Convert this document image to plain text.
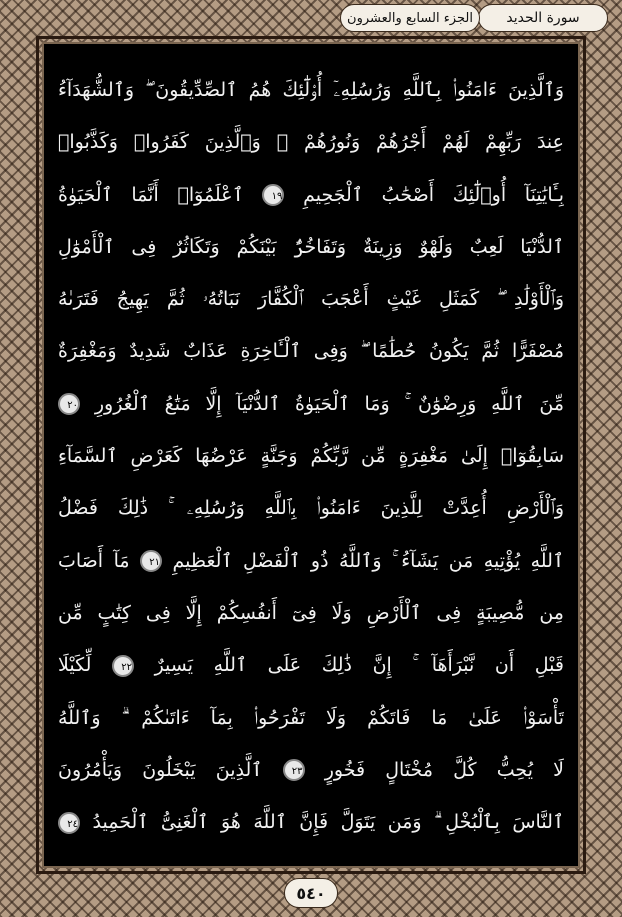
سورة الحديد
الجزء السابع والعشرون
وَٱلَّذِينَ ءَامَنُوا۟ بِٱللَّهِ وَرُسُلِهِۦٓ أُو۟لَٰٓئِكَ هُمُ ٱلصِّدِّيقُونَ ۖ وَٱلشُّهَدَآءُ
عِندَ رَبِّهِمْ لَهُمْ أَجْرُهُمْ وَنُورُهُمْ ۖ وَٱلَّذِينَ كَفَرُوا۟ وَكَذَّبُوا۟
بِـَٔايَٰتِنَآ أُو۟لَٰٓئِكَ أَصْحَٰبُ ٱلْجَحِيمِ ١٩ ٱعْلَمُوٓا۟ أَنَّمَا ٱلْحَيَوٰةُ
ٱلدُّنْيَا لَعِبٌ وَلَهْوٌ وَزِينَةٌ وَتَفَاخُرٌۢ بَيْنَكُمْ وَتَكَاثُرٌ فِى ٱلْأَمْوَٰلِ
وَٱلْأَوْلَٰدِ ۖ كَمَثَلِ غَيْثٍ أَعْجَبَ ٱلْكُفَّارَ نَبَاتُهُۥ ثُمَّ يَهِيجُ فَتَرَىٰهُ
مُصْفَرًّا ثُمَّ يَكُونُ حُطَٰمًا ۖ وَفِى ٱلْـَٔاخِرَةِ عَذَابٌ شَدِيدٌ وَمَغْفِرَةٌ
مِّنَ ٱللَّهِ وَرِضْوَٰنٌ ۚ وَمَا ٱلْحَيَوٰةُ ٱلدُّنْيَآ إِلَّا مَتَٰعُ ٱلْغُرُورِ ٢٠
سَابِقُوٓا۟ إِلَىٰ مَغْفِرَةٍ مِّن رَّبِّكُمْ وَجَنَّةٍ عَرْضُهَا كَعَرْضِ ٱلسَّمَآءِ
وَٱلْأَرْضِ أُعِدَّتْ لِلَّذِينَ ءَامَنُوا۟ بِٱللَّهِ وَرُسُلِهِۦ ۚ ذَٰلِكَ فَضْلُ
ٱللَّهِ يُؤْتِيهِ مَن يَشَآءُ ۚ وَٱللَّهُ ذُو ٱلْفَضْلِ ٱلْعَظِيمِ ٢١ مَآ أَصَابَ
مِن مُّصِيبَةٍ فِى ٱلْأَرْضِ وَلَا فِىٓ أَنفُسِكُمْ إِلَّا فِى كِتَٰبٍ مِّن
قَبْلِ أَن نَّبْرَأَهَآ ۚ إِنَّ ذَٰلِكَ عَلَى ٱللَّهِ يَسِيرٌ ٢٢ لِّكَيْلَا
تَأْسَوْا۟ عَلَىٰ مَا فَاتَكُمْ وَلَا تَفْرَحُوا۟ بِمَآ ءَاتَىٰكُمْ ۗ وَٱللَّهُ
لَا يُحِبُّ كُلَّ مُخْتَالٍ فَخُورٍ ٢٣ ٱلَّذِينَ يَبْخَلُونَ وَيَأْمُرُونَ
ٱلنَّاسَ بِٱلْبُخْلِ ۗ وَمَن يَتَوَلَّ فَإِنَّ ٱللَّهَ هُوَ ٱلْغَنِىُّ ٱلْحَمِيدُ ٢٤
٥٤٠
